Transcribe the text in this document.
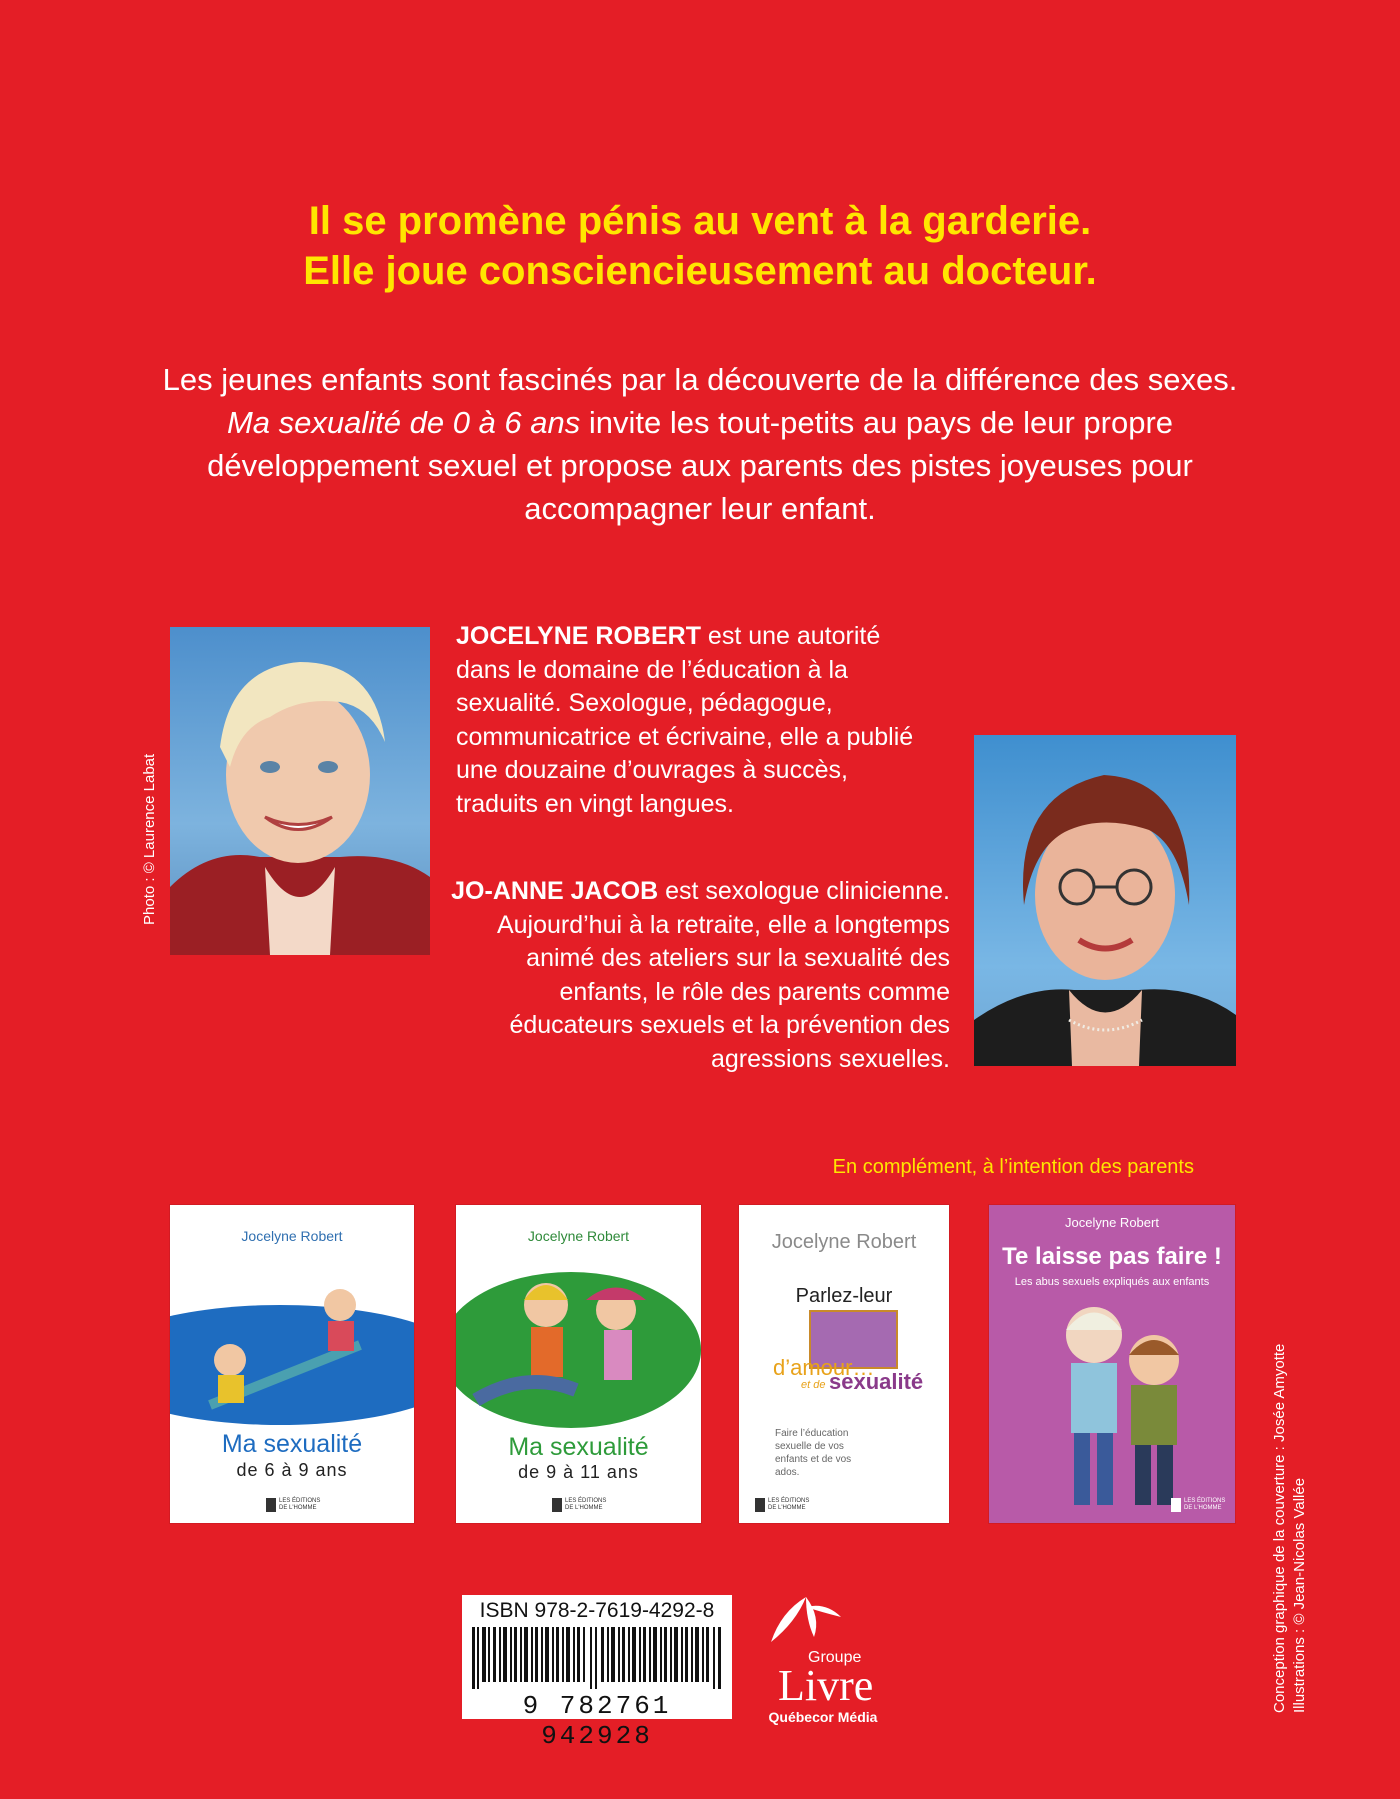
Il se promène pénis au vent à la garderie.
Elle joue consciencieusement au docteur.
Les jeunes enfants sont fascinés par la découverte de la différence des sexes. Ma sexualité de 0 à 6 ans invite les tout-petits au pays de leur propre développement sexuel et propose aux parents des pistes joyeuses pour accompagner leur enfant.
Photo : © Laurence Labat
JOCELYNE ROBERT est une autorité dans le domaine de l’éducation à la sexualité. Sexologue, pédagogue, communicatrice et écrivaine, elle a publié une douzaine d’ouvrages à succès, traduits en vingt langues.
JO-ANNE JACOB est sexologue clinicienne. Aujourd’hui à la retraite, elle a longtemps animé des ateliers sur la sexualité des enfants, le rôle des parents comme éducateurs sexuels et la prévention des agressions sexuelles.
En complément, à l’intention des parents
Jocelyne Robert
Ma sexualité
de 6 à 9 ans
LES ÉDITIONS DE L'HOMME
Jocelyne Robert
Ma sexualité
de 9 à 11 ans
LES ÉDITIONS DE L'HOMME
Jocelyne Robert
Parlez-leur
d’amour…
et de sexualité
Faire l’éducation sexuelle de vos enfants et de vos ados.
LES ÉDITIONS DE L'HOMME
Jocelyne Robert
Te laisse pas faire !
Les abus sexuels expliqués aux enfants
LES ÉDITIONS DE L'HOMME
ISBN 978-2-7619-4292-8
9 782761 942928
Groupe
Livre
Québecor Média
Conception graphique de la couverture : Josée Amyotte Illustrations : © Jean-Nicolas Vallée
